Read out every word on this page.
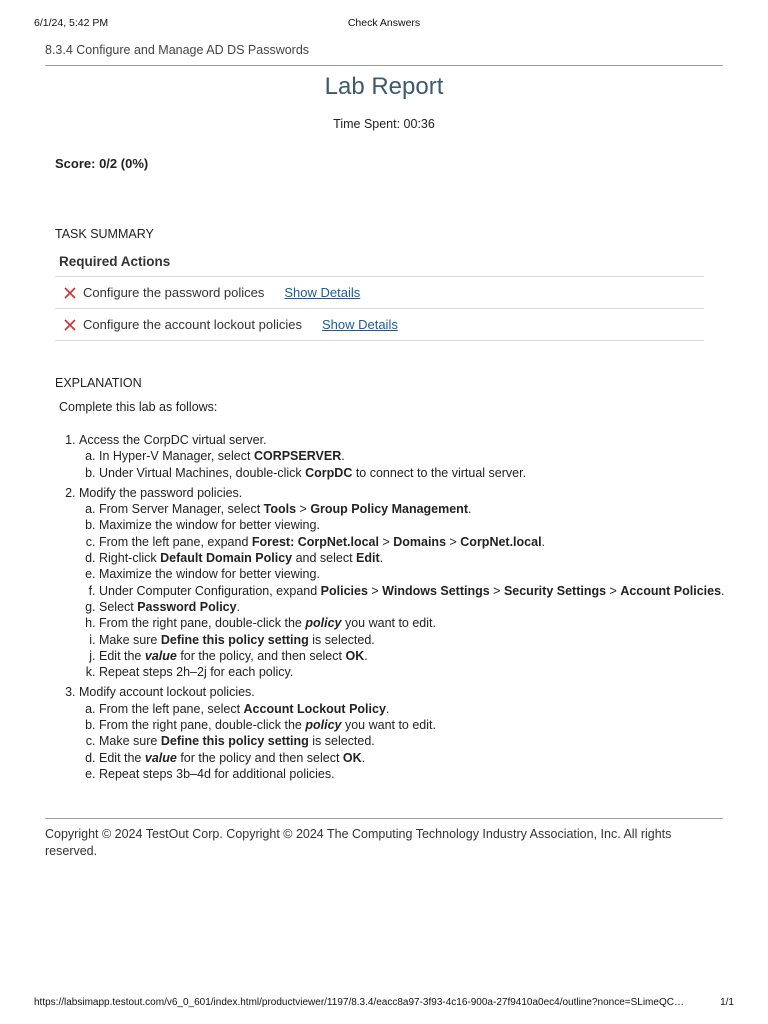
6/1/24, 5:42 PM	Check Answers
8.3.4 Configure and Manage AD DS Passwords
Lab Report
Time Spent: 00:36
Score: 0/2 (0%)
TASK SUMMARY
Required Actions
Configure the password polices Show Details
Configure the account lockout policies Show Details
EXPLANATION
Complete this lab as follows:
1. Access the CorpDC virtual server.
a. In Hyper-V Manager, select CORPSERVER.
b. Under Virtual Machines, double-click CorpDC to connect to the virtual server.
2. Modify the password policies.
a. From Server Manager, select Tools > Group Policy Management.
b. Maximize the window for better viewing.
c. From the left pane, expand Forest: CorpNet.local > Domains > CorpNet.local.
d. Right-click Default Domain Policy and select Edit.
e. Maximize the window for better viewing.
f. Under Computer Configuration, expand Policies > Windows Settings > Security Settings > Account Policies.
g. Select Password Policy.
h. From the right pane, double-click the policy you want to edit.
i. Make sure Define this policy setting is selected.
j. Edit the value for the policy, and then select OK.
k. Repeat steps 2h–2j for each policy.
3. Modify account lockout policies.
a. From the left pane, select Account Lockout Policy.
b. From the right pane, double-click the policy you want to edit.
c. Make sure Define this policy setting is selected.
d. Edit the value for the policy and then select OK.
e. Repeat steps 3b–4d for additional policies.
Copyright © 2024 TestOut Corp. Copyright © 2024 The Computing Technology Industry Association, Inc. All rights reserved.
https://labsimapp.testout.com/v6_0_601/index.html/productviewer/1197/8.3.4/eacc8a97-3f93-4c16-900a-27f9410a0ec4/outline?nonce=SLimeQC…	1/1
